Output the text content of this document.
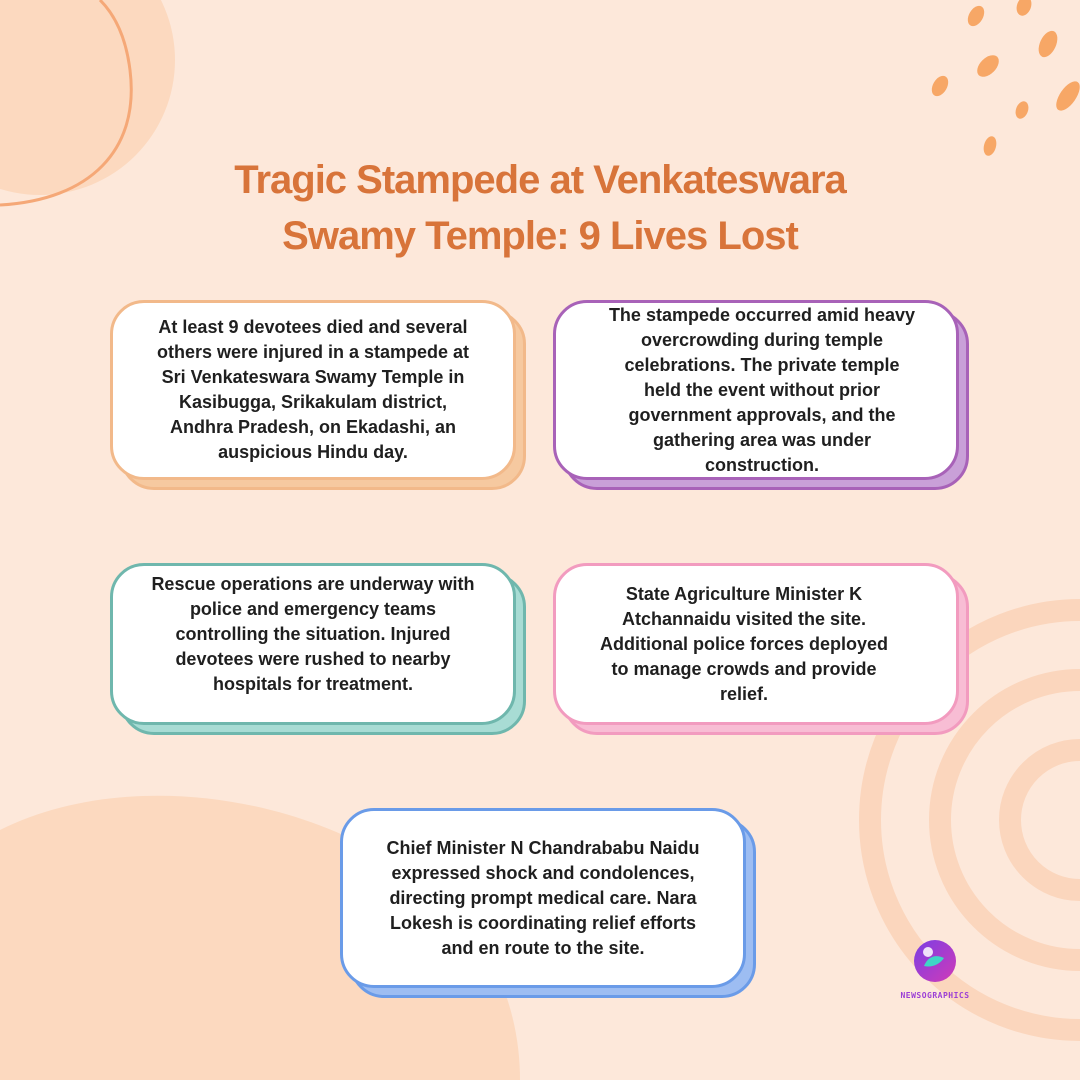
Tragic Stampede at Venkateswara
Swamy Temple: 9 Lives Lost
At least 9 devotees died and several others were injured in a stampede at Sri Venkateswara Swamy Temple in Kasibugga, Srikakulam district, Andhra Pradesh, on Ekadashi, an auspicious Hindu day.
The stampede occurred amid heavy overcrowding during temple celebrations. The private temple held the event without prior government approvals, and the gathering area was under construction.
Rescue operations are underway with police and emergency teams controlling the situation. Injured devotees were rushed to nearby hospitals for treatment.
State Agriculture Minister K Atchannaidu visited the site. Additional police forces deployed to manage crowds and provide relief.
Chief Minister N Chandrababu Naidu expressed shock and condolences, directing prompt medical care. Nara Lokesh is coordinating relief efforts and en route to the site.
NEWSOGRAPHICS
